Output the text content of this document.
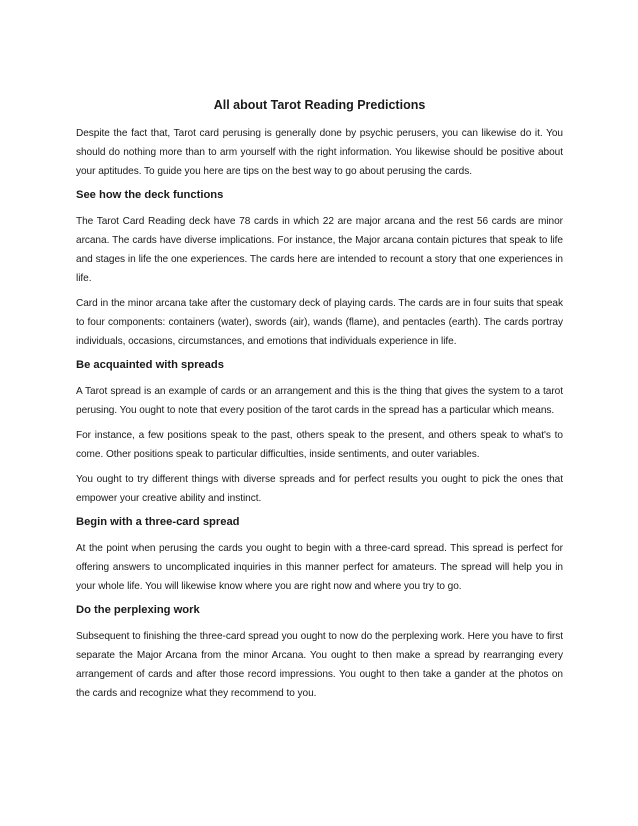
All about Tarot Reading Predictions

Despite the fact that, Tarot card perusing is generally done by psychic perusers, you can likewise do it. You should do nothing more than to arm yourself with the right information. You likewise should be positive about your aptitudes. To guide you here are tips on the best way to go about perusing the cards.

See how the deck functions

The Tarot Card Reading deck have 78 cards in which 22 are major arcana and the rest 56 cards are minor arcana. The cards have diverse implications. For instance, the Major arcana contain pictures that speak to life and stages in life the one experiences. The cards here are intended to recount a story that one experiences in life.

Card in the minor arcana take after the customary deck of playing cards. The cards are in four suits that speak to four components: containers (water), swords (air), wands (flame), and pentacles (earth). The cards portray individuals, occasions, circumstances, and emotions that individuals experience in life.

Be acquainted with spreads

A Tarot spread is an example of cards or an arrangement and this is the thing that gives the system to a tarot perusing. You ought to note that every position of the tarot cards in the spread has a particular which means.

For instance, a few positions speak to the past, others speak to the present, and others speak to what's to come. Other positions speak to particular difficulties, inside sentiments, and outer variables.

You ought to try different things with diverse spreads and for perfect results you ought to pick the ones that empower your creative ability and instinct.

Begin with a three-card spread

At the point when perusing the cards you ought to begin with a three-card spread. This spread is perfect for offering answers to uncomplicated inquiries in this manner perfect for amateurs. The spread will help you in your whole life. You will likewise know where you are right now and where you try to go.

Do the perplexing work

Subsequent to finishing the three-card spread you ought to now do the perplexing work. Here you have to first separate the Major Arcana from the minor Arcana. You ought to then make a spread by rearranging every arrangement of cards and after those record impressions. You ought to then take a gander at the photos on the cards and recognize what they recommend to you.
